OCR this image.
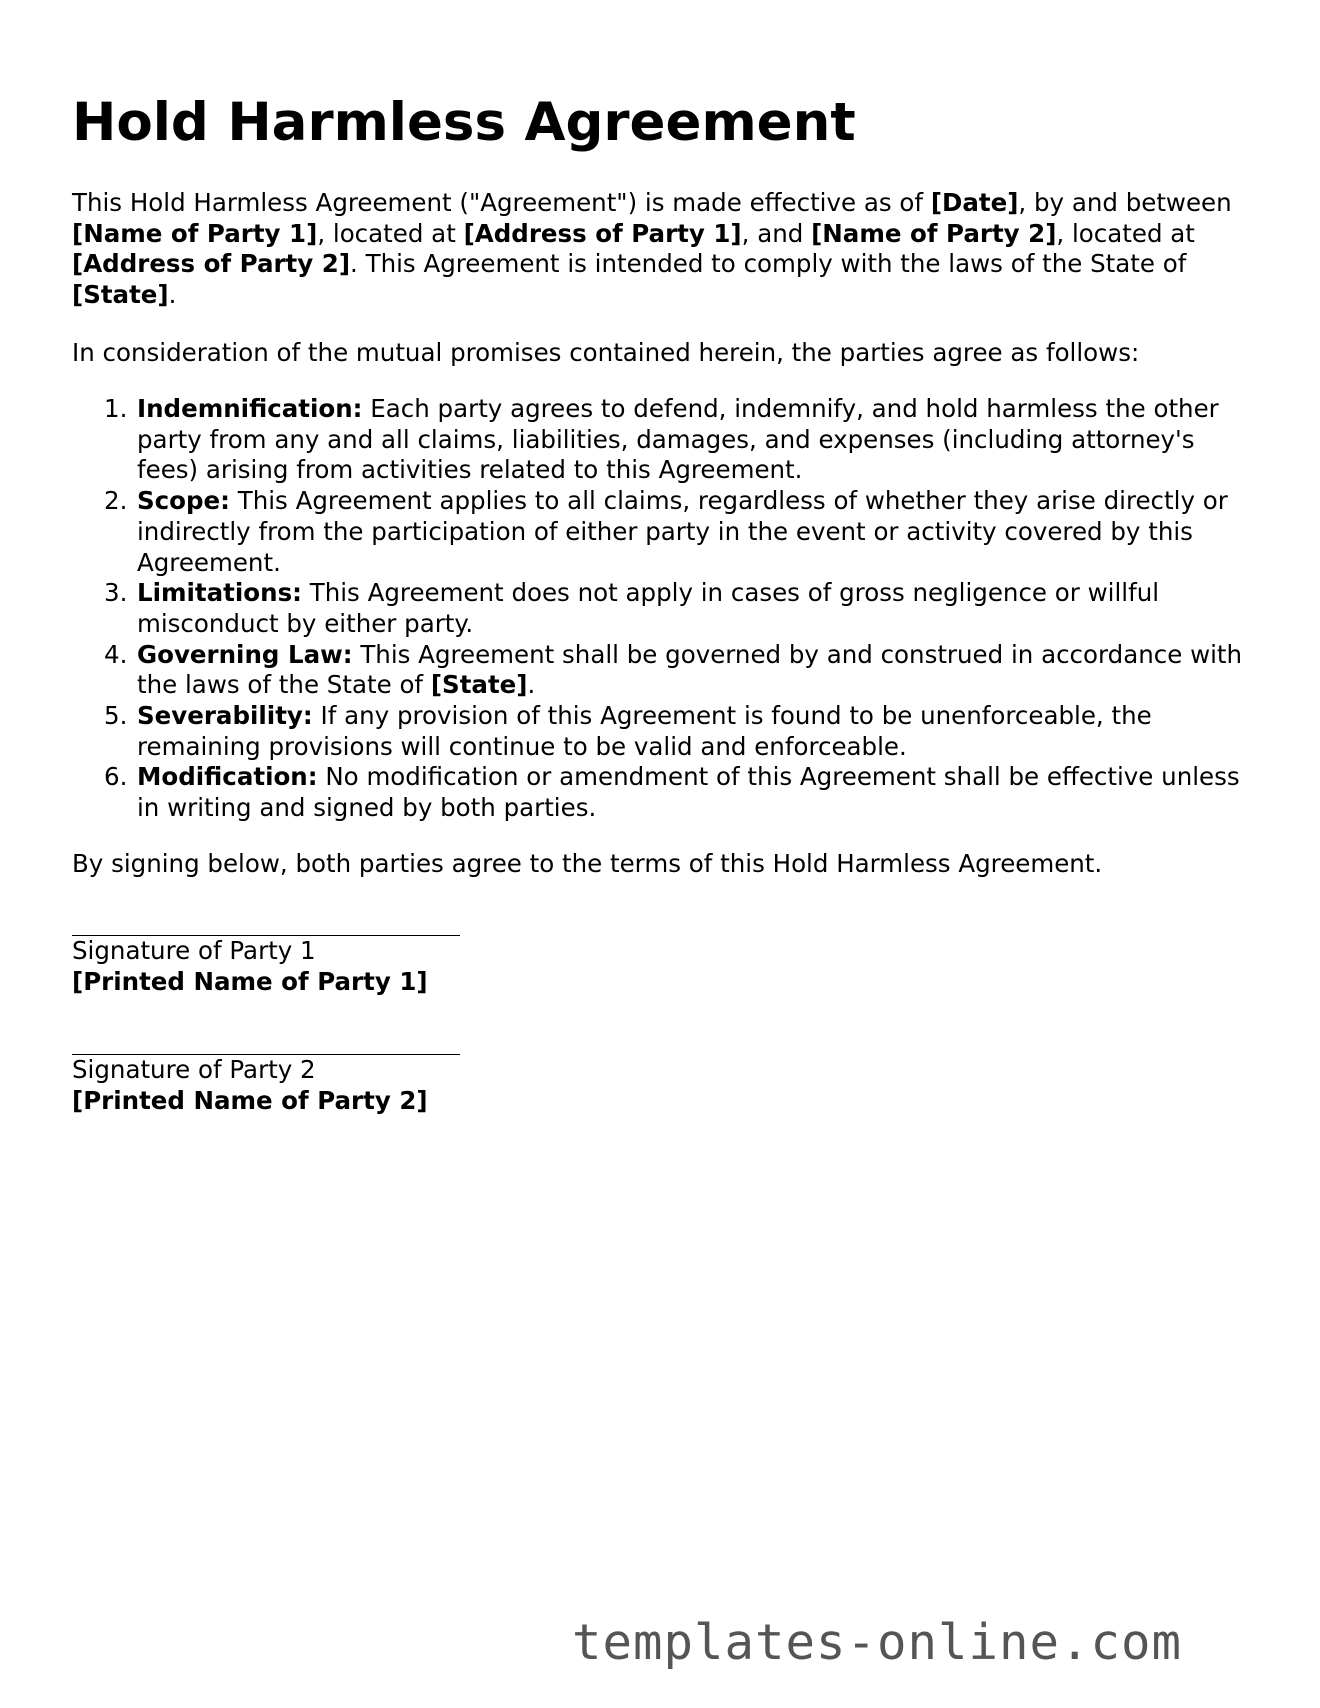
Hold Harmless Agreement

This Hold Harmless Agreement ("Agreement") is made effective as of [Date], by and between [Name of Party 1], located at [Address of Party 1], and [Name of Party 2], located at [Address of Party 2]. This Agreement is intended to comply with the laws of the State of [State].

In consideration of the mutual promises contained herein, the parties agree as follows:

1. Indemnification: Each party agrees to defend, indemnify, and hold harmless the other party from any and all claims, liabilities, damages, and expenses (including attorney's fees) arising from activities related to this Agreement.
2. Scope: This Agreement applies to all claims, regardless of whether they arise directly or indirectly from the participation of either party in the event or activity covered by this Agreement.
3. Limitations: This Agreement does not apply in cases of gross negligence or willful misconduct by either party.
4. Governing Law: This Agreement shall be governed by and construed in accordance with the laws of the State of [State].
5. Severability: If any provision of this Agreement is found to be unenforceable, the remaining provisions will continue to be valid and enforceable.
6. Modification: No modification or amendment of this Agreement shall be effective unless in writing and signed by both parties.

By signing below, both parties agree to the terms of this Hold Harmless Agreement.

Signature of Party 1
[Printed Name of Party 1]
Signature of Party 2
[Printed Name of Party 2]
templates-online.com
